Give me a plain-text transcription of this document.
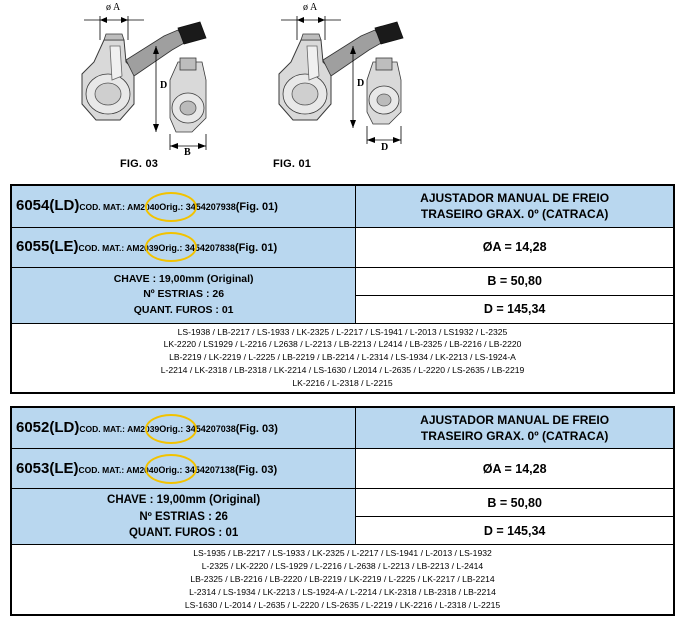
ø A
D
B
FIG. 03
ø A
D
D
FIG. 01
6054(LD)COD. MAT.: AM2040Orig.: 3454207938(Fig. 01)	AJUSTADOR MANUAL DE FREIO
TRASEIRO GRAX. 0º (CATRACA)

6055(LE)COD. MAT.: AM2039Orig.: 3454207838(Fig. 01)	ØA = 14,28

CHAVE : 19,00mm (Original)
Nº ESTRIAS : 26
QUANT. FUROS : 01	B = 50,80
	D = 145,34

LS-1938 / LB-2217 / LS-1933 / LK-2325 / L-2217 / LS-1941 / L-2013 / LS1932 / L-2325
LK-2220 / LS1929 / L-2216 / L2638 / L-2213 / LB-2213 / L2414 / LB-2325 / LB-2216 / LB-2220
LB-2219 / LK-2219 / L-2225 / LB-2219 / LB-2214 / L-2314 / LS-1934 / LK-2213 / LS-1924-A
L-2214 / LK-2318 / LB-2318 / LK-2214 / LS-1630 / L2014 / L-2635 / L-2220 / LS-2635 / LB-2219
LK-2216 / L-2318 / L-2215	
6052(LD)COD. MAT.: AM2039Orig.: 3454207038(Fig. 03)	AJUSTADOR MANUAL DE FREIO
TRASEIRO GRAX. 0º (CATRACA)

6053(LE)COD. MAT.: AM2040Orig.: 3454207138(Fig. 03)	ØA = 14,28

CHAVE : 19,00mm (Original)
Nº ESTRIAS : 26
QUANT. FUROS : 01	B = 50,80
	D = 145,34

LS-1935 / LB-2217 / LS-1933 / LK-2325 / L-2217 / LS-1941 / L-2013 / LS-1932
L-2325 / LK-2220 / LS-1929 / L-2216 / L-2638 / L-2213 / LB-2213 / L-2414
LB-2325 / LB-2216 / LB-2220 / LB-2219 / LK-2219 / L-2225 / LK-2217 / LB-2214
L-2314 / LS-1934 / LK-2213 / LS-1924-A / L-2214 / LK-2318 / LB-2318 / LB-2214
LS-1630 / L-2014 / L-2635 / L-2220 / LS-2635 / L-2219 / LK-2216 / L-2318 / L-2215	
